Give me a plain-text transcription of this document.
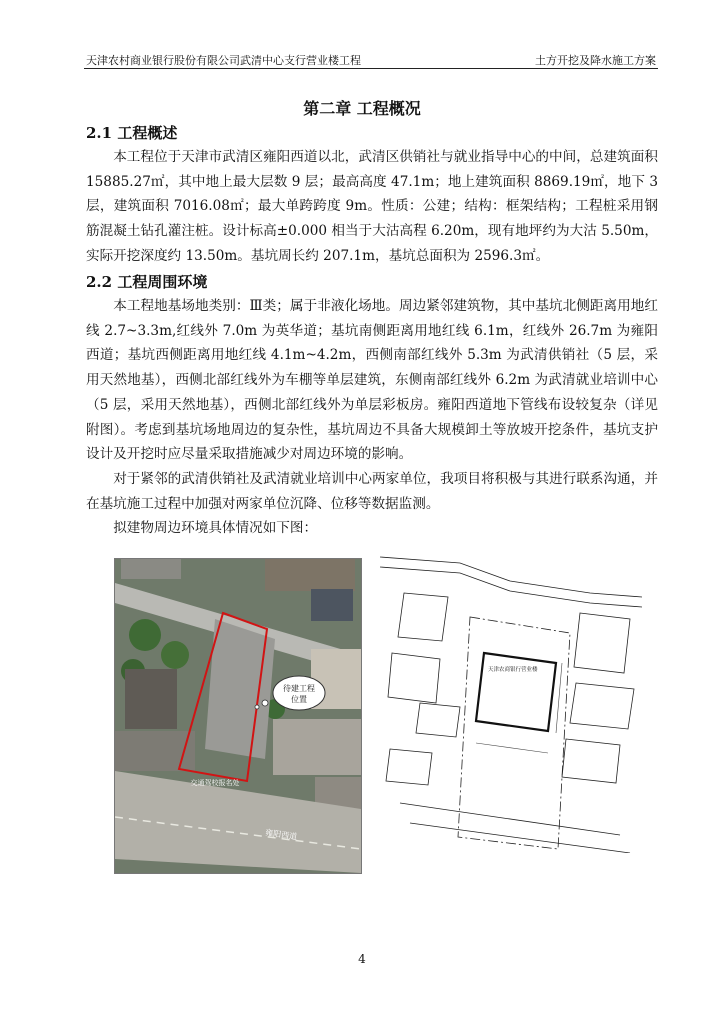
天津农村商业银行股份有限公司武清中心支行营业楼工程	土方开挖及降水施工方案
第二章 工程概况
2.1 工程概述

本工程位于天津市武清区雍阳西道以北，武清区供销社与就业指导中心的中间，总建筑面积 15885.27㎡，其中地上最大层数 9 层；最高高度 47.1m；地上建筑面积 8869.19㎡，地下 3 层，建筑面积 7016.08㎡；最大单跨跨度 9m。性质：公建；结构：框架结构；工程桩采用钢筋混凝土钻孔灌注桩。设计标高±0.000 相当于大沽高程 6.20m，现有地坪约为大沽 5.50m，实际开挖深度约 13.50m。基坑周长约 207.1m，基坑总面积为 2596.3㎡。

2.2 工程周围环境

本工程地基场地类别：Ⅲ类；属于非液化场地。周边紧邻建筑物，其中基坑北侧距离用地红线 2.7~3.3m,红线外 7.0m 为英华道；基坑南侧距离用地红线 6.1m，红线外 26.7m 为雍阳西道；基坑西侧距离用地红线 4.1m~4.2m，西侧南部红线外 5.3m 为武清供销社（5 层，采用天然地基），西侧北部红线外为车棚等单层建筑，东侧南部红线外 6.2m 为武清就业培训中心（5 层，采用天然地基），西侧北部红线外为单层彩板房。雍阳西道地下管线布设较复杂（详见附图）。考虑到基坑场地周边的复杂性，基坑周边不具备大规模卸土等放坡开挖条件，基坑支护设计及开挖时应尽量采取措施减少对周边环境的影响。

对于紧邻的武清供销社及武清就业培训中心两家单位，我项目将积极与其进行联系沟通，并在基坑施工过程中加强对两家单位沉降、位移等数据监测。

拟建物周边环境具体情况如下图：

待建工程
位置
交通驾校报名处
雍阳西道
天津农商银行营业楼
4
